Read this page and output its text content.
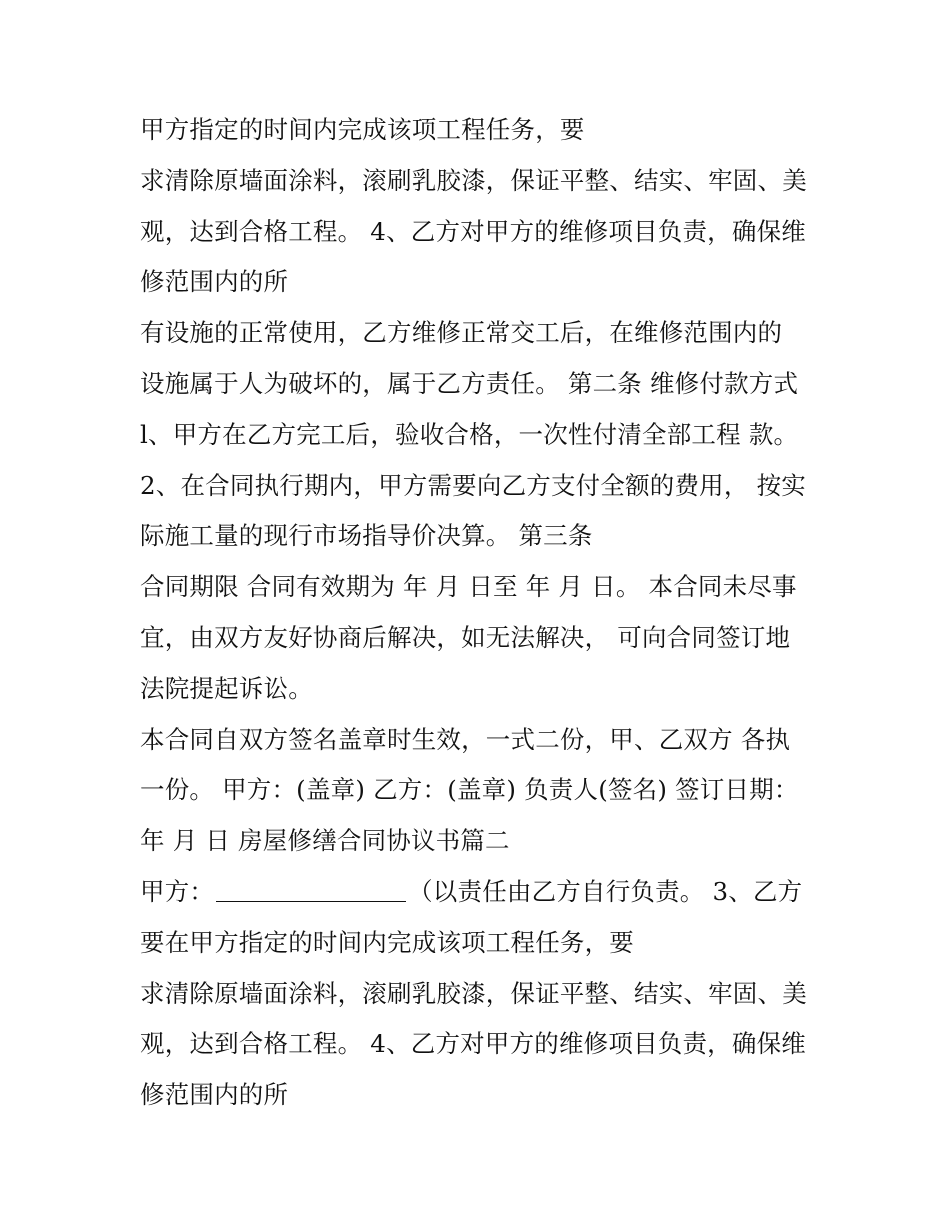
甲方指定的时间内完成该项工程任务，要
求清除原墙面涂料，滚刷乳胶漆，保证平整、结实、牢固、美
观，达到合格工程。 4、乙方对甲方的维修项目负责，确保维
修范围内的所
有设施的正常使用，乙方维修正常交工后，在维修范围内的
设施属于人为破坏的，属于乙方责任。 第二条 维修付款方式
l、甲方在乙方完工后，验收合格，一次性付清全部工程 款。
2、在合同执行期内，甲方需要向乙方支付全额的费用， 按实
际施工量的现行市场指导价决算。 第三条
合同期限 合同有效期为 年 月 日至 年 月 日。 本合同未尽事
宜，由双方友好协商后解决，如无法解决， 可向合同签订地
法院提起诉讼。
本合同自双方签名盖章时生效，一式二份，甲、乙双方 各执
一份。 甲方：(盖章) 乙方：(盖章) 负责人(签名) 签订日期：
年 月 日 房屋修缮合同协议书篇二
甲方：	（以责任由乙方自行负责。 3、乙方
要在甲方指定的时间内完成该项工程任务，要
求清除原墙面涂料，滚刷乳胶漆，保证平整、结实、牢固、美
观，达到合格工程。 4、乙方对甲方的维修项目负责，确保维
修范围内的所
